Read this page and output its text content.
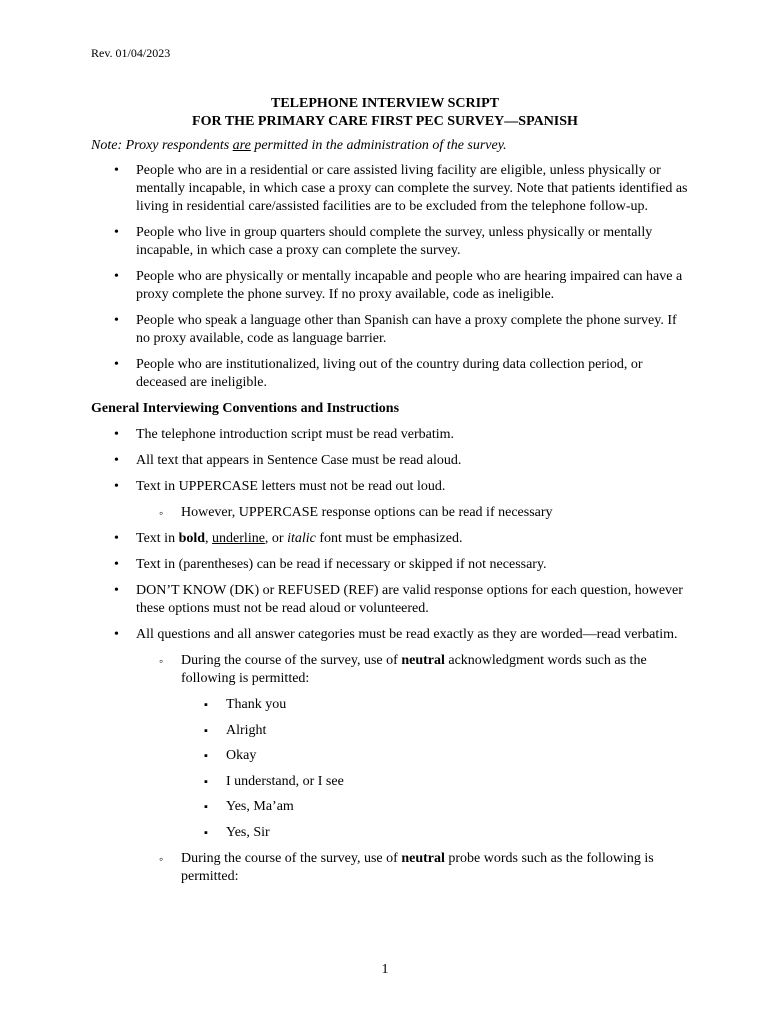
Rev. 01/04/2023
TELEPHONE INTERVIEW SCRIPT
FOR THE PRIMARY CARE FIRST PEC SURVEY—SPANISH
Note: Proxy respondents are permitted in the administration of the survey.
• People who are in a residential or care assisted living facility are eligible, unless physically or mentally incapable, in which case a proxy can complete the survey. Note that patients identified as living in residential care/assisted facilities are to be excluded from the telephone follow-up.
• People who live in group quarters should complete the survey, unless physically or mentally incapable, in which case a proxy can complete the survey.
• People who are physically or mentally incapable and people who are hearing impaired can have a proxy complete the phone survey. If no proxy available, code as ineligible.
• People who speak a language other than Spanish can have a proxy complete the phone survey. If no proxy available, code as language barrier.
• People who are institutionalized, living out of the country during data collection period, or deceased are ineligible.
General Interviewing Conventions and Instructions
• The telephone introduction script must be read verbatim.
• All text that appears in Sentence Case must be read aloud.
• Text in UPPERCASE letters must not be read out loud.
◦ However, UPPERCASE response options can be read if necessary
• Text in bold, underline, or italic font must be emphasized.
• Text in (parentheses) can be read if necessary or skipped if not necessary.
• DON’T KNOW (DK) or REFUSED (REF) are valid response options for each question, however these options must not be read aloud or volunteered.
• All questions and all answer categories must be read exactly as they are worded—read verbatim.
◦ During the course of the survey, use of neutral acknowledgment words such as the following is permitted:
▪ Thank you
▪ Alright
▪ Okay
▪ I understand, or I see
▪ Yes, Ma’am
▪ Yes, Sir
◦ During the course of the survey, use of neutral probe words such as the following is permitted:
1
